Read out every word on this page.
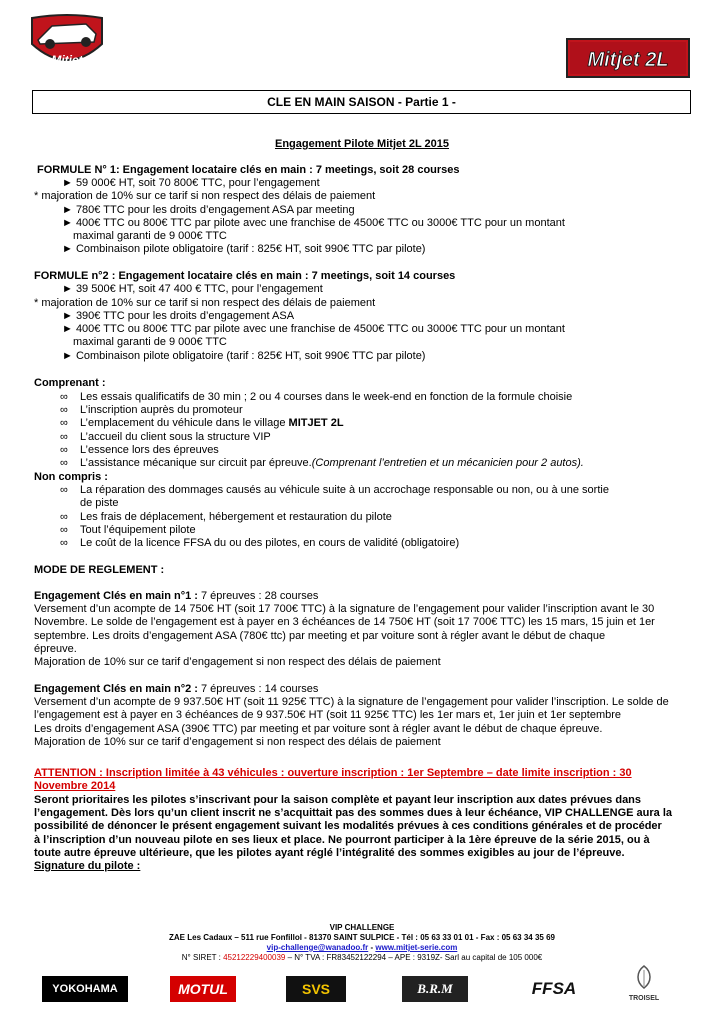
Mitjet
MOTORSPORT	Mitjet 2L
CLE EN MAIN SAISON - Partie 1 -
Engagement Pilote Mitjet 2L 2015
FORMULE N° 1: Engagement locataire clés en main : 7 meetings, soit 28 courses
► 59 000€ HT, soit 70 800€ TTC, pour l’engagement
* majoration de 10% sur ce tarif si non respect des délais de paiement
► 780€ TTC pour les droits d’engagement ASA par meeting
► 400€ TTC ou 800€ TTC par pilote avec une franchise de 4500€ TTC ou 3000€ TTC pour un montant
maximal garanti de 9 000€ TTC
► Combinaison pilote obligatoire (tarif : 825€ HT, soit 990€ TTC par pilote)
FORMULE n°2 : Engagement locataire clés en main : 7 meetings, soit 14 courses
► 39 500€ HT, soit 47 400 € TTC, pour l’engagement
* majoration de 10% sur ce tarif si non respect des délais de paiement
► 390€ TTC pour les droits d’engagement ASA
► 400€ TTC ou 800€ TTC par pilote avec une franchise de 4500€ TTC ou 3000€ TTC pour un montant
maximal garanti de 9 000€ TTC
► Combinaison pilote obligatoire (tarif : 825€ HT, soit 990€ TTC par pilote)
Comprenant :
∞ Les essais qualificatifs de 30 min ; 2 ou 4 courses dans le week-end en fonction de la formule choisie
∞ L’inscription auprès du promoteur
∞ L’emplacement du véhicule dans le village MITJET 2L
∞ L’accueil du client sous la structure VIP
∞ L’essence lors des épreuves
∞ L’assistance mécanique sur circuit par épreuve.(Comprenant l’entretien et un mécanicien pour 2 autos).
Non compris :
∞ La réparation des dommages causés au véhicule suite à un accrochage responsable ou non, ou à une sortie
de piste
∞ Les frais de déplacement, hébergement et restauration du pilote
∞ Tout l’équipement pilote
∞ Le coût de la licence FFSA du ou des pilotes, en cours de validité (obligatoire)
MODE DE REGLEMENT :
Engagement Clés en main n°1 : 7 épreuves : 28 courses
Versement d’un acompte de 14 750€ HT (soit 17 700€ TTC) à la signature de l’engagement pour valider l’inscription avant le 30
Novembre. Le solde de l’engagement est à payer en 3 échéances de 14 750€ HT (soit 17 700€ TTC) les 15 mars, 15 juin et 1er
septembre. Les droits d’engagement ASA (780€ ttc) par meeting et par voiture sont à régler avant le début de chaque
épreuve.
Majoration de 10% sur ce tarif d’engagement si non respect des délais de paiement
Engagement Clés en main n°2 : 7 épreuves : 14 courses
Versement d’un acompte de 9 937.50€ HT (soit 11 925€ TTC) à la signature de l’engagement pour valider l’inscription. Le solde de
l’engagement est à payer en 3 échéances de 9 937.50€ HT (soit 11 925€ TTC) les 1er mars et, 1er juin et 1er septembre
Les droits d’engagement ASA (390€ TTC) par meeting et par voiture sont à régler avant le début de chaque épreuve.
Majoration de 10% sur ce tarif d’engagement si non respect des délais de paiement
ATTENTION : Inscription limitée à 43 véhicules : ouverture inscription : 1er Septembre – date limite inscription : 30
Novembre 2014
Seront prioritaires les pilotes s’inscrivant pour la saison complète et payant leur inscription aux dates prévues dans
l’engagement. Dès lors qu’un client inscrit ne s’acquittait pas des sommes dues à leur échéance, VIP CHALLENGE aura la
possibilité de dénoncer le présent engagement suivant les modalités prévues à ces conditions générales et de procéder
à l’inscription d’un nouveau pilote en ses lieux et place. Ne pourront participer à la 1ère épreuve de la série 2015, ou à
toute autre épreuve ultérieure, que les pilotes ayant réglé l’intégralité des sommes exigibles au jour de l’épreuve.
Signature du pilote :
VIP CHALLENGE
ZAE Les Cadaux – 511 rue Fonfillol - 81370 SAINT SULPICE - Tél : 05 63 33 01 01 - Fax : 05 63 34 35 69
vip-challenge@wanadoo.fr - www.mitjet-serie.com
N° SIRET : 45212229400039 – N° TVA : FR83452122294 – APE : 9319Z- Sarl au capital de 105 000€
YOKOHAMA	MOTUL	SVS	B.R.M	FFSA
TROISEL
